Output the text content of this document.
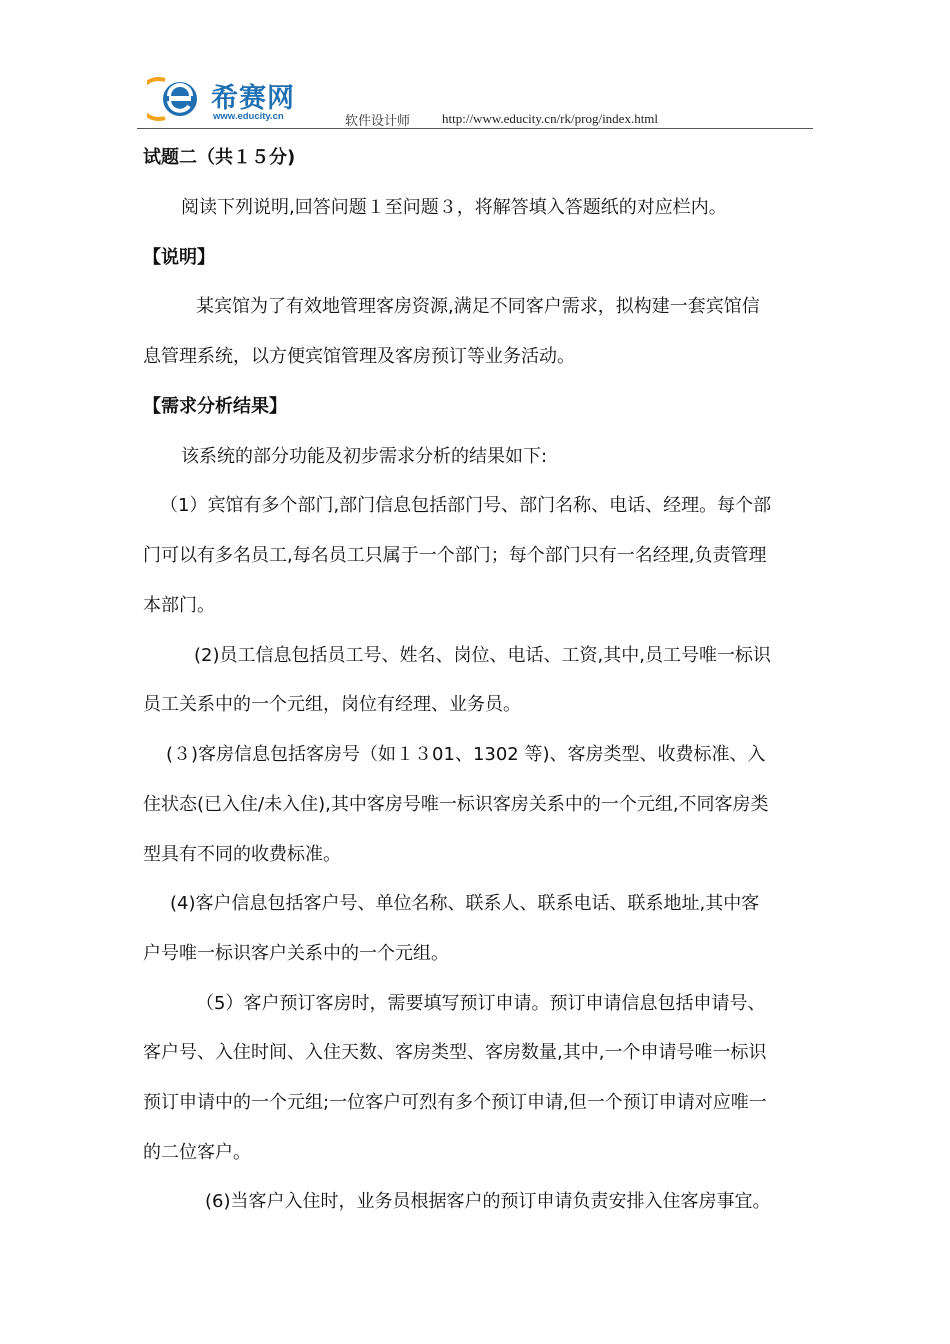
希赛网
www.educity.cn	软件设计师 http://www.educity.cn/rk/prog/index.html
试题二（共１５分)
阅读下列说明,回答问题１至问题３，将解答填入答题纸的对应栏内。
【说明】
某宾馆为了有效地管理客房资源,满足不同客户需求，拟构建一套宾馆信
息管理系统，以方便宾馆管理及客房预订等业务活动。
【需求分析结果】
该系统的部分功能及初步需求分析的结果如下:
（1）宾馆有多个部门,部门信息包括部门号、部门名称、电话、经理。每个部
门可以有多名员工,每名员工只属于一个部门；每个部门只有一名经理,负责管理
本部门。
(2)员工信息包括员工号、姓名、岗位、电话、工资,其中,员工号唯一标识
员工关系中的一个元组，岗位有经理、业务员。
(３)客房信息包括客房号（如１３01、1302 等)、客房类型、收费标准、入
住状态(已入住/未入住),其中客房号唯一标识客房关系中的一个元组,不同客房类
型具有不同的收费标准。
(4)客户信息包括客户号、单位名称、联系人、联系电话、联系地址,其中客
户号唯一标识客户关系中的一个元组。
（5）客户预订客房时，需要填写预订申请。预订申请信息包括申请号、
客户号、入住时间、入住天数、客房类型、客房数量,其中,一个申请号唯一标识
预订申请中的一个元组;一位客户可烈有多个预订申请,但一个预订申请对应唯一
的二位客户。
(6)当客户入住时，业务员根据客户的预订申请负责安排入住客房事宜。
